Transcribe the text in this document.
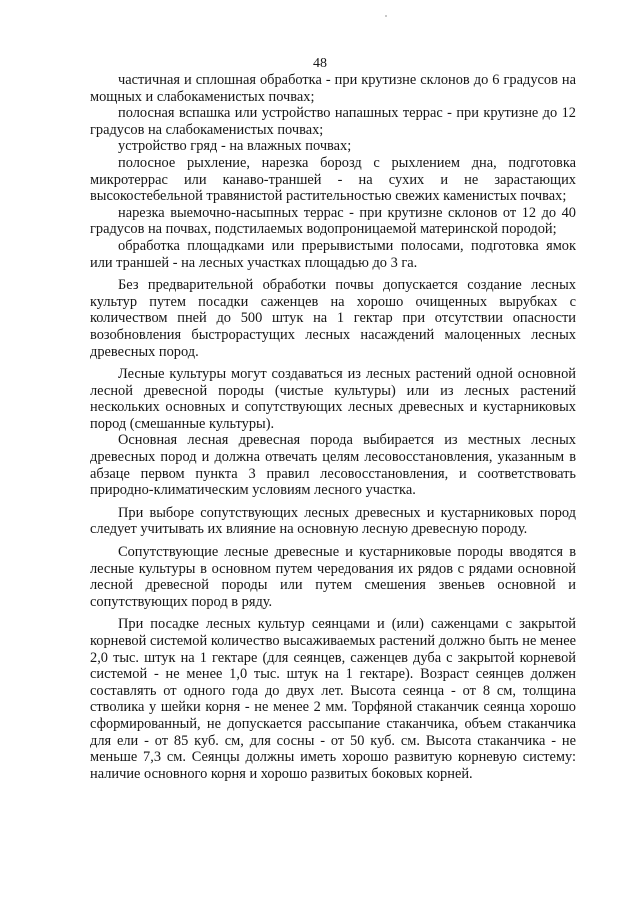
48

частичная и сплошная обработка - при крутизне склонов до 6 градусов на мощных и слабокаменистых почвах;

полосная вспашка или устройство напашных террас - при крутизне до 12 градусов на слабокаменистых почвах;

устройство гряд - на влажных почвах;

полосное рыхление, нарезка борозд с рыхлением дна, подготовка микротеррас или канаво-траншей - на сухих и не зарастающих высокостебельной травянистой растительностью свежих каменистых почвах;

нарезка выемочно-насыпных террас - при крутизне склонов от 12 до 40 градусов на почвах, подстилаемых водопроницаемой материнской породой;

обработка площадками или прерывистыми полосами, подготовка ямок или траншей - на лесных участках площадью до 3 га.

Без предварительной обработки почвы допускается создание лесных культур путем посадки саженцев на хорошо очищенных вырубках с количеством пней до 500 штук на 1 гектар при отсутствии опасности возобновления быстрорастущих лесных насаждений малоценных лесных древесных пород.

Лесные культуры могут создаваться из лесных растений одной основной лесной древесной породы (чистые культуры) или из лесных растений нескольких основных и сопутствующих лесных древесных и кустарниковых пород (смешанные культуры).

Основная лесная древесная порода выбирается из местных лесных древесных пород и должна отвечать целям лесовосстановления, указанным в абзаце первом пункта 3 правил лесовосстановления, и соответствовать природно-климатическим условиям лесного участка.

При выборе сопутствующих лесных древесных и кустарниковых пород следует учитывать их влияние на основную лесную древесную породу.

Сопутствующие лесные древесные и кустарниковые породы вводятся в лесные культуры в основном путем чередования их рядов с рядами основной лесной древесной породы или путем смешения звеньев основной и сопутствующих пород в ряду.

При посадке лесных культур сеянцами и (или) саженцами с закрытой корневой системой количество высаживаемых растений должно быть не менее 2,0 тыс. штук на 1 гектаре (для сеянцев, саженцев дуба с закрытой корневой системой - не менее 1,0 тыс. штук на 1 гектаре). Возраст сеянцев должен составлять от одного года до двух лет. Высота сеянца - от 8 см, толщина стволика у шейки корня - не менее 2 мм. Торфяной стаканчик сеянца хорошо сформированный, не допускается рассыпание стаканчика, объем стаканчика для ели - от 85 куб. см, для сосны - от 50 куб. см. Высота стаканчика - не меньше 7,3 см. Сеянцы должны иметь хорошо развитую корневую систему: наличие основного корня и хорошо развитых боковых корней.
